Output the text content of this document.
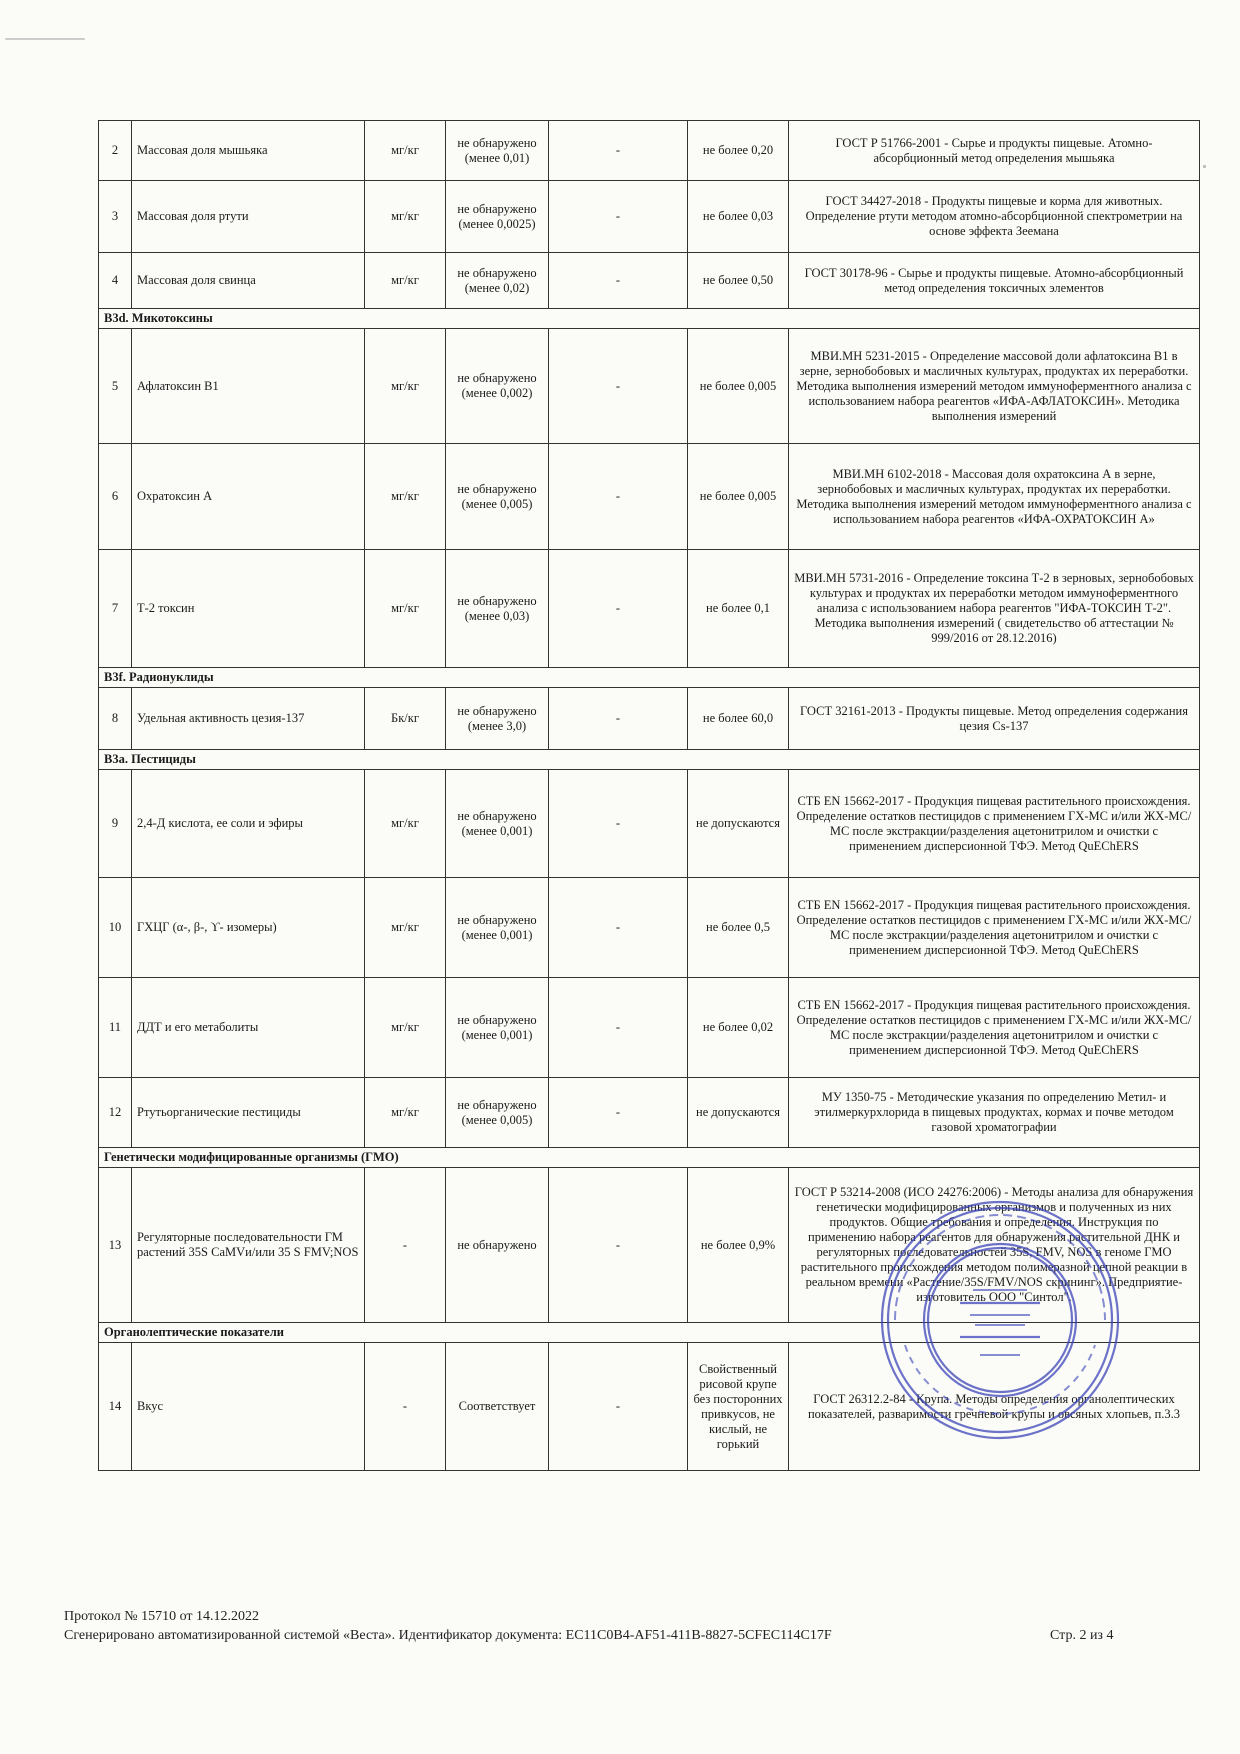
2	Массовая доля мышьяка	мг/кг	не обнаружено (менее 0,01)	-	не более 0,20	ГОСТ Р 51766-2001 - Сырье и продукты пищевые. Атомно-абсорбционный метод определения мышьяка
3	Массовая доля ртути	мг/кг	не обнаружено (менее 0,0025)	-	не более 0,03	ГОСТ 34427-2018 - Продукты пищевые и корма для животных. Определение ртути методом атомно-абсорбционной спектрометрии на основе эффекта Зеемана
4	Массовая доля свинца	мг/кг	не обнаружено (менее 0,02)	-	не более 0,50	ГОСТ 30178-96 - Сырье и продукты пищевые. Атомно-абсорбционный метод определения токсичных элементов
B3d. Микотоксины						
5	Афлатоксин B1	мг/кг	не обнаружено (менее 0,002)	-	не более 0,005	МВИ.МН 5231-2015 - Определение массовой доли афлатоксина B1 в зерне, зернобобовых и масличных культурах, продуктах их переработки. Методика выполнения измерений методом иммуноферментного анализа с использованием набора реагентов «ИФА-АФЛАТОКСИН». Методика выполнения измерений
6	Охратоксин А	мг/кг	не обнаружено (менее 0,005)	-	не более 0,005	МВИ.МН 6102-2018 - Массовая доля охратоксина А в зерне, зернобобовых и масличных культурах, продуктах их переработки. Методика выполнения измерений методом иммуноферментного анализа с использованием набора реагентов «ИФА-ОХРАТОКСИН А»
7	Т-2 токсин	мг/кг	не обнаружено (менее 0,03)	-	не более 0,1	МВИ.МН 5731-2016 - Определение токсина Т-2 в зерновых, зернобобовых культурах и продуктах их переработки методом иммуноферментного анализа с использованием набора реагентов "ИФА-ТОКСИН Т-2". Методика выполнения измерений ( свидетельство об аттестации № 999/2016 от 28.12.2016)
B3f. Радионуклиды						
8	Удельная активность цезия-137	Бк/кг	не обнаружено (менее 3,0)	-	не более 60,0	ГОСТ 32161-2013 - Продукты пищевые. Метод определения содержания цезия Cs-137
B3a. Пестициды						
9	2,4-Д кислота, ее соли и эфиры	мг/кг	не обнаружено (менее 0,001)	-	не допускаются	СТБ EN 15662-2017 - Продукция пищевая растительного происхождения. Определение остатков пестицидов с применением ГХ-МС и/или ЖХ-МС/МС после экстракции/разделения ацетонитрилом и очистки с применением дисперсионной ТФЭ. Метод QuEChERS
10	ГХЦГ (α-, β-, ϒ- изомеры)	мг/кг	не обнаружено (менее 0,001)	-	не более 0,5	СТБ EN 15662-2017 - Продукция пищевая растительного происхождения. Определение остатков пестицидов с применением ГХ-МС и/или ЖХ-МС/МС после экстракции/разделения ацетонитрилом и очистки с применением дисперсионной ТФЭ. Метод QuEChERS
11	ДДТ и его метаболиты	мг/кг	не обнаружено (менее 0,001)	-	не более 0,02	СТБ EN 15662-2017 - Продукция пищевая растительного происхождения. Определение остатков пестицидов с применением ГХ-МС и/или ЖХ-МС/МС после экстракции/разделения ацетонитрилом и очистки с применением дисперсионной ТФЭ. Метод QuEChERS
12	Ртутьорганические пестициды	мг/кг	не обнаружено (менее 0,005)	-	не допускаются	МУ 1350-75 - Методические указания по определению Метил- и этилмеркурхлорида в пищевых продуктах, кормах и почве методом газовой хроматографии
Генетически модифицированные организмы (ГМО)						
13	Регуляторные последовательности ГМ растений 35S CaMVи/или 35 S FMV;NOS	-	не обнаружено	-	не более 0,9%	ГОСТ Р 53214-2008 (ИСО 24276:2006) - Методы анализа для обнаружения генетически модифицированных организмов и полученных из них продуктов. Общие требования и определения. Инструкция по применению набора реагентов для обнаружения растительной ДНК и регуляторных последовательностей 35S, FMV, NOS в геноме ГМО растительного происхождения методом полимеразной цепной реакции в реальном времени «Растение/35S/FMV/NOS скрининг». Предприятие-изготовитель ООО "Синтол".
Органолептические показатели						
14	Вкус	-	Соответствует	-	Свойственный рисовой крупе без посторонних привкусов, не кислый, не горький	ГОСТ 26312.2-84 - Крупа. Методы определения органолептических показателей, разваримости гречневой крупы и овсяных хлопьев, п.3.3
Протокол № 15710 от 14.12.2022
Сгенерировано автоматизированной системой «Веста». Идентификатор документа: EC11C0B4-AF51-411B-8827-5CFEC114C17F	Стр. 2 из 4
